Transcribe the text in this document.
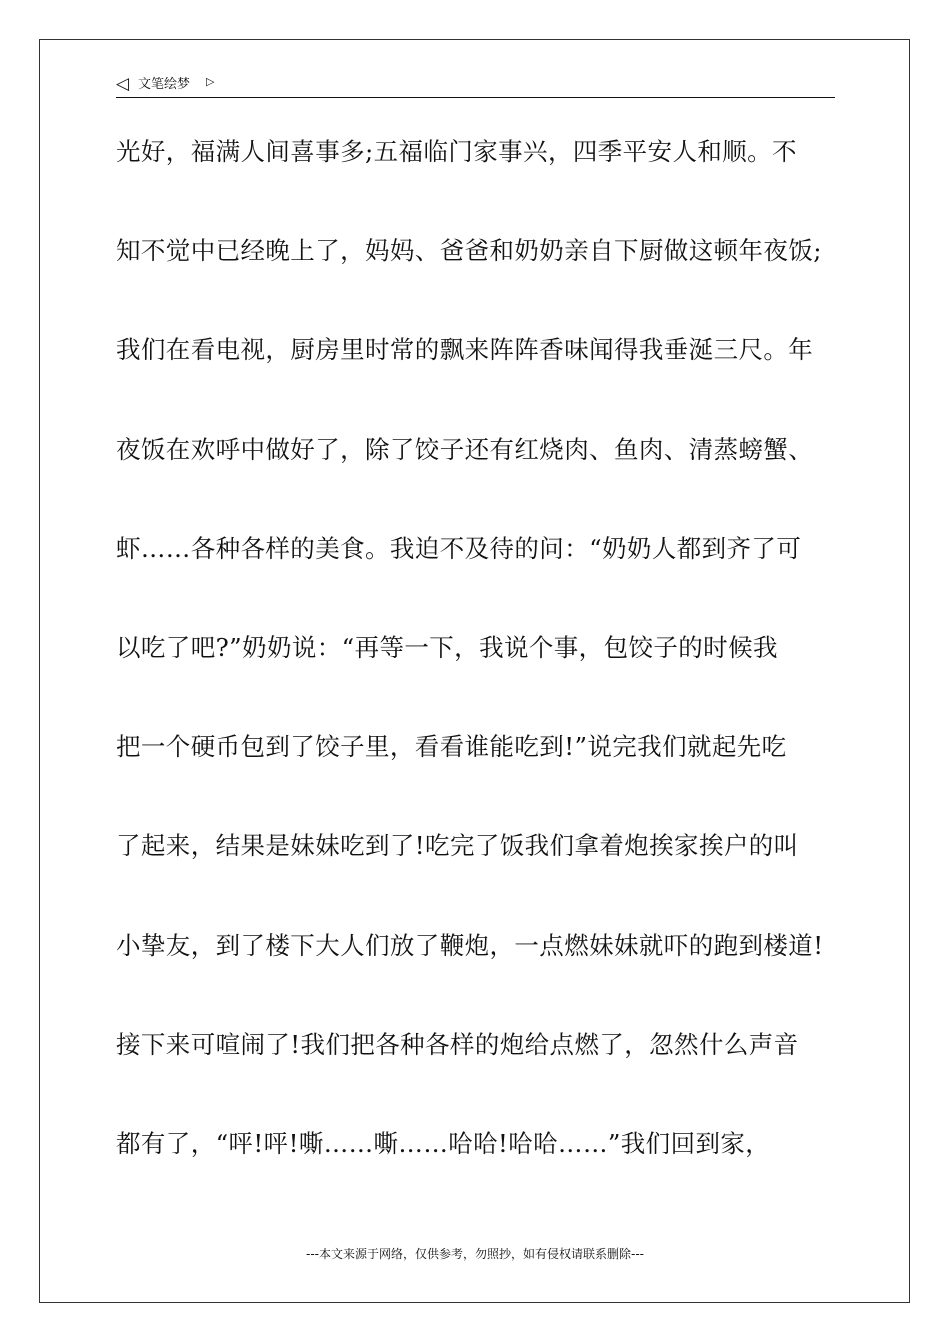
◁ 文笔绘梦 ▷
光好，福满人间喜事多;五福临门家事兴，四季平安人和顺。不
知不觉中已经晚上了，妈妈、爸爸和奶奶亲自下厨做这顿年夜饭;
我们在看电视，厨房里时常的飘来阵阵香味闻得我垂涎三尺。年
夜饭在欢呼中做好了，除了饺子还有红烧肉、鱼肉、清蒸螃蟹、
虾……各种各样的美食。我迫不及待的问：“奶奶人都到齐了可
以吃了吧?”奶奶说：“再等一下，我说个事，包饺子的时候我
把一个硬币包到了饺子里，看看谁能吃到!”说完我们就起先吃
了起来，结果是妹妹吃到了!吃完了饭我们拿着炮挨家挨户的叫
小挚友，到了楼下大人们放了鞭炮，一点燃妹妹就吓的跑到楼道!
接下来可喧闹了!我们把各种各样的炮给点燃了，忽然什么声音
都有了，“呯!呯!嘶……嘶……哈哈!哈哈……”我们回到家，
---本文来源于网络，仅供参考，勿照抄，如有侵权请联系删除---
